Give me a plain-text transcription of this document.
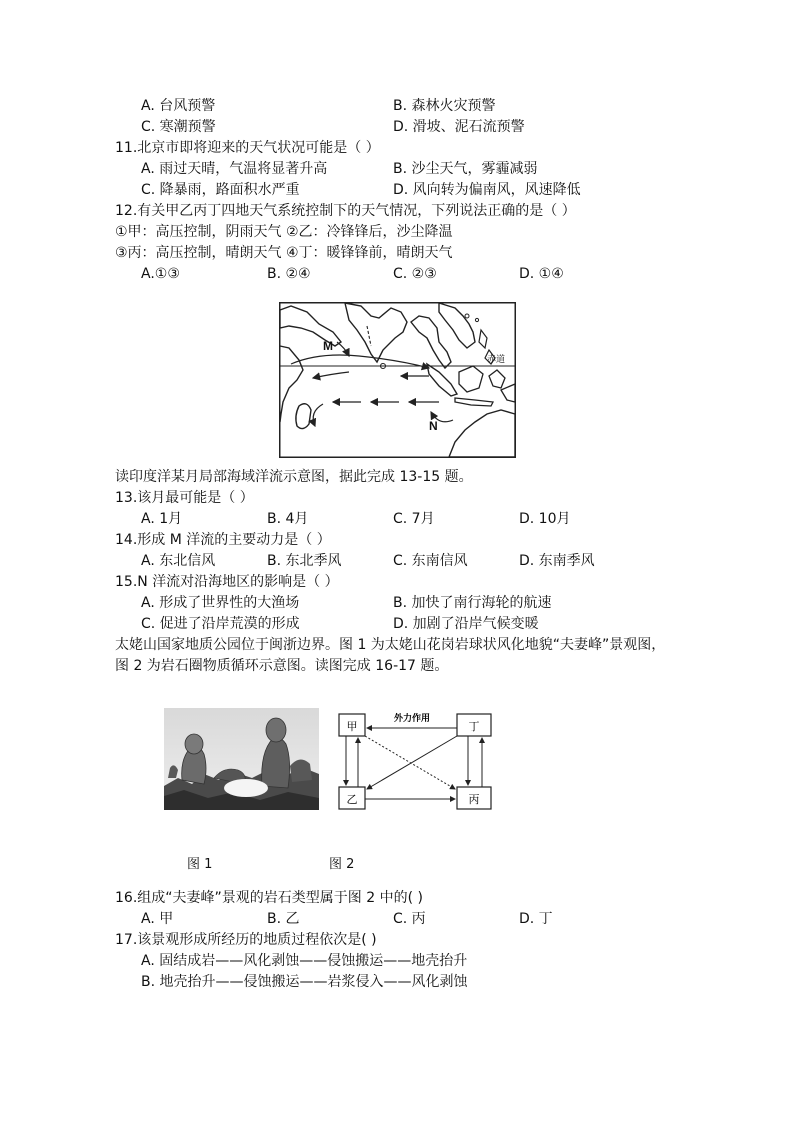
A. 台风预警	B. 森林火灾预警
C. 寒潮预警	D. 滑坡、泥石流预警
11.北京市即将迎来的天气状况可能是（ ）
A. 雨过天晴，气温将显著升高	B. 沙尘天气，雾霾减弱
C. 降暴雨，路面积水严重	D. 风向转为偏南风，风速降低
12.有关甲乙丙丁四地天气系统控制下的天气情况，下列说法正确的是（ ）
①甲：高压控制，阴雨天气 ②乙：冷锋锋后，沙尘降温
③丙：高压控制，晴朗天气 ④丁：暖锋锋前，晴朗天气
A.①③	B. ②④	C. ②③	D. ①④
M
N
赤道
读印度洋某月局部海域洋流示意图，据此完成 13-15 题。
13.该月最可能是（ ）
A. 1月	B. 4月	C. 7月	D. 10月
14.形成 M 洋流的主要动力是（ ）
A. 东北信风	B. 东北季风	C. 东南信风	D. 东南季风
15.N 洋流对沿海地区的影响是（ ）
A. 形成了世界性的大渔场	B. 加快了南行海轮的航速
C. 促进了沿岸荒漠的形成	D. 加剧了沿岸气候变暖
太姥山国家地质公园位于闽浙边界。图 1 为太姥山花岗岩球状风化地貌“夫妻峰”景观图，
图 2 为岩石圈物质循环示意图。读图完成 16-17 题。
甲	丁
乙	丙
外力作用
图 1	图 2
16.组成“夫妻峰”景观的岩石类型属于图 2 中的( )
A. 甲	B. 乙	C. 丙	D. 丁
17.该景观形成所经历的地质过程依次是( )
A. 固结成岩——风化剥蚀——侵蚀搬运——地壳抬升
B. 地壳抬升——侵蚀搬运——岩浆侵入——风化剥蚀
